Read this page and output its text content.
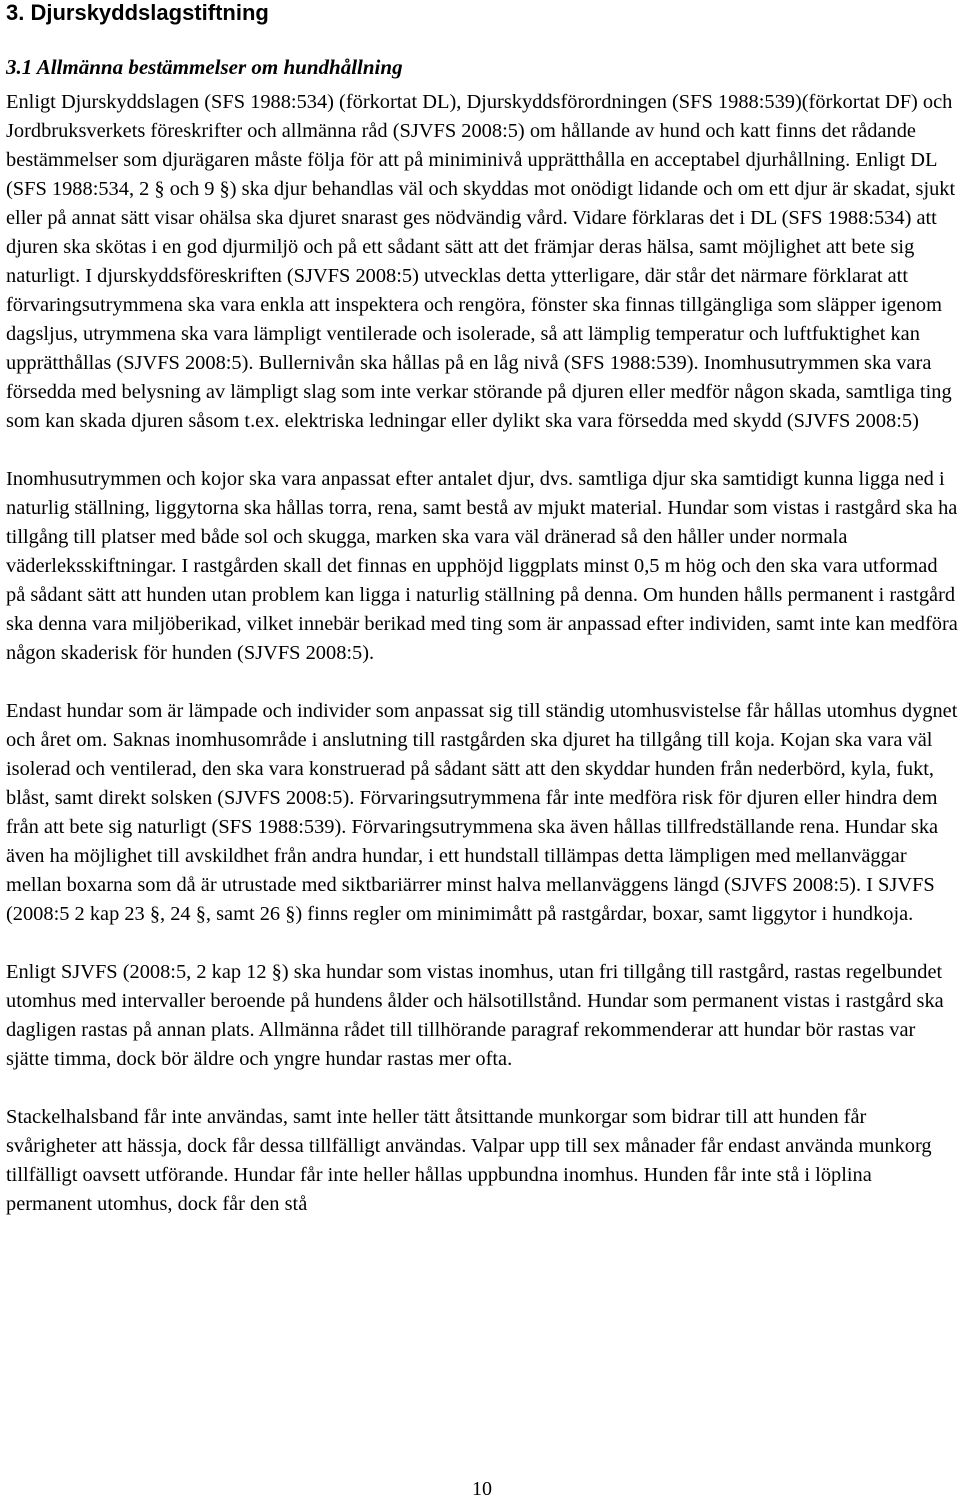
3. Djurskyddslagstiftning
3.1 Allmänna bestämmelser om hundhållning

Enligt Djurskyddslagen (SFS 1988:534) (förkortat DL), Djurskyddsförordningen (SFS 1988:539)(förkortat DF) och Jordbruksverkets föreskrifter och allmänna råd (SJVFS 2008:5) om hållande av hund och katt finns det rådande bestämmelser som djurägaren måste följa för att på miniminivå upprätthålla en acceptabel djurhållning. Enligt DL (SFS 1988:534, 2 § och 9 §) ska djur behandlas väl och skyddas mot onödigt lidande och om ett djur är skadat, sjukt eller på annat sätt visar ohälsa ska djuret snarast ges nödvändig vård. Vidare förklaras det i DL (SFS 1988:534) att djuren ska skötas i en god djurmiljö och på ett sådant sätt att det främjar deras hälsa, samt möjlighet att bete sig naturligt. I djurskyddsföreskriften (SJVFS 2008:5) utvecklas detta ytterligare, där står det närmare förklarat att förvaringsutrymmena ska vara enkla att inspektera och rengöra, fönster ska finnas tillgängliga som släpper igenom dagsljus, utrymmena ska vara lämpligt ventilerade och isolerade, så att lämplig temperatur och luftfuktighet kan upprätthållas (SJVFS 2008:5). Bullernivån ska hållas på en låg nivå (SFS 1988:539). Inomhusutrymmen ska vara försedda med belysning av lämpligt slag som inte verkar störande på djuren eller medför någon skada, samtliga ting som kan skada djuren såsom t.ex. elektriska ledningar eller dylikt ska vara försedda med skydd (SJVFS 2008:5)

Inomhusutrymmen och kojor ska vara anpassat efter antalet djur, dvs. samtliga djur ska samtidigt kunna ligga ned i naturlig ställning, liggytorna ska hållas torra, rena, samt bestå av mjukt material. Hundar som vistas i rastgård ska ha tillgång till platser med både sol och skugga, marken ska vara väl dränerad så den håller under normala väderleksskiftningar. I rastgården skall det finnas en upphöjd liggplats minst 0,5 m hög och den ska vara utformad på sådant sätt att hunden utan problem kan ligga i naturlig ställning på denna. Om hunden hålls permanent i rastgård ska denna vara miljöberikad, vilket innebär berikad med ting som är anpassad efter individen, samt inte kan medföra någon skaderisk för hunden (SJVFS 2008:5).

Endast hundar som är lämpade och individer som anpassat sig till ständig utomhusvistelse får hållas utomhus dygnet och året om. Saknas inomhusområde i anslutning till rastgården ska djuret ha tillgång till koja. Kojan ska vara väl isolerad och ventilerad, den ska vara konstruerad på sådant sätt att den skyddar hunden från nederbörd, kyla, fukt, blåst, samt direkt solsken (SJVFS 2008:5). Förvaringsutrymmena får inte medföra risk för djuren eller hindra dem från att bete sig naturligt (SFS 1988:539). Förvaringsutrymmena ska även hållas tillfredställande rena. Hundar ska även ha möjlighet till avskildhet från andra hundar, i ett hundstall tillämpas detta lämpligen med mellanväggar mellan boxarna som då är utrustade med siktbariärrer minst halva mellanväggens längd (SJVFS 2008:5). I SJVFS (2008:5 2 kap 23 §, 24 §, samt 26 §) finns regler om minimimått på rastgårdar, boxar, samt liggytor i hundkoja.

Enligt SJVFS (2008:5, 2 kap 12 §) ska hundar som vistas inomhus, utan fri tillgång till rastgård, rastas regelbundet utomhus med intervaller beroende på hundens ålder och hälsotillstånd. Hundar som permanent vistas i rastgård ska dagligen rastas på annan plats. Allmänna rådet till tillhörande paragraf rekommenderar att hundar bör rastas var sjätte timma, dock bör äldre och yngre hundar rastas mer ofta.

Stackelhalsband får inte användas, samt inte heller tätt åtsittande munkorgar som bidrar till att hunden får svårigheter att hässja, dock får dessa tillfälligt användas. Valpar upp till sex månader får endast använda munkorg tillfälligt oavsett utförande. Hundar får inte heller hållas uppbundna inomhus. Hunden får inte stå i löplina permanent utomhus, dock får den stå

10
